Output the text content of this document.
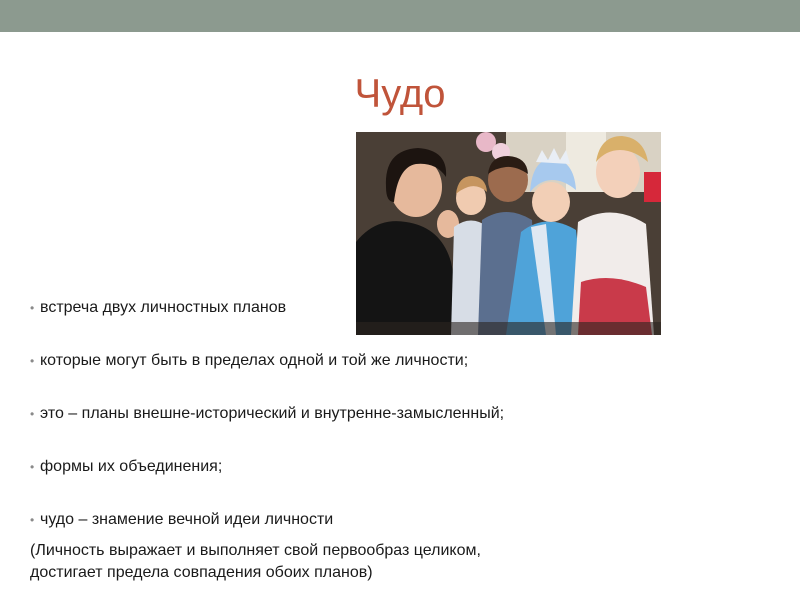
Чудо
• встреча двух личностных планов
• которые могут быть в пределах одной и той же личности;
• это – планы внешне-исторический и внутренне-замысленный;
• формы их объединения;
• чудо – знамение вечной идеи личности
(Личность выражает и выполняет свой первообраз целиком,
достигает предела совпадения обоих планов)
